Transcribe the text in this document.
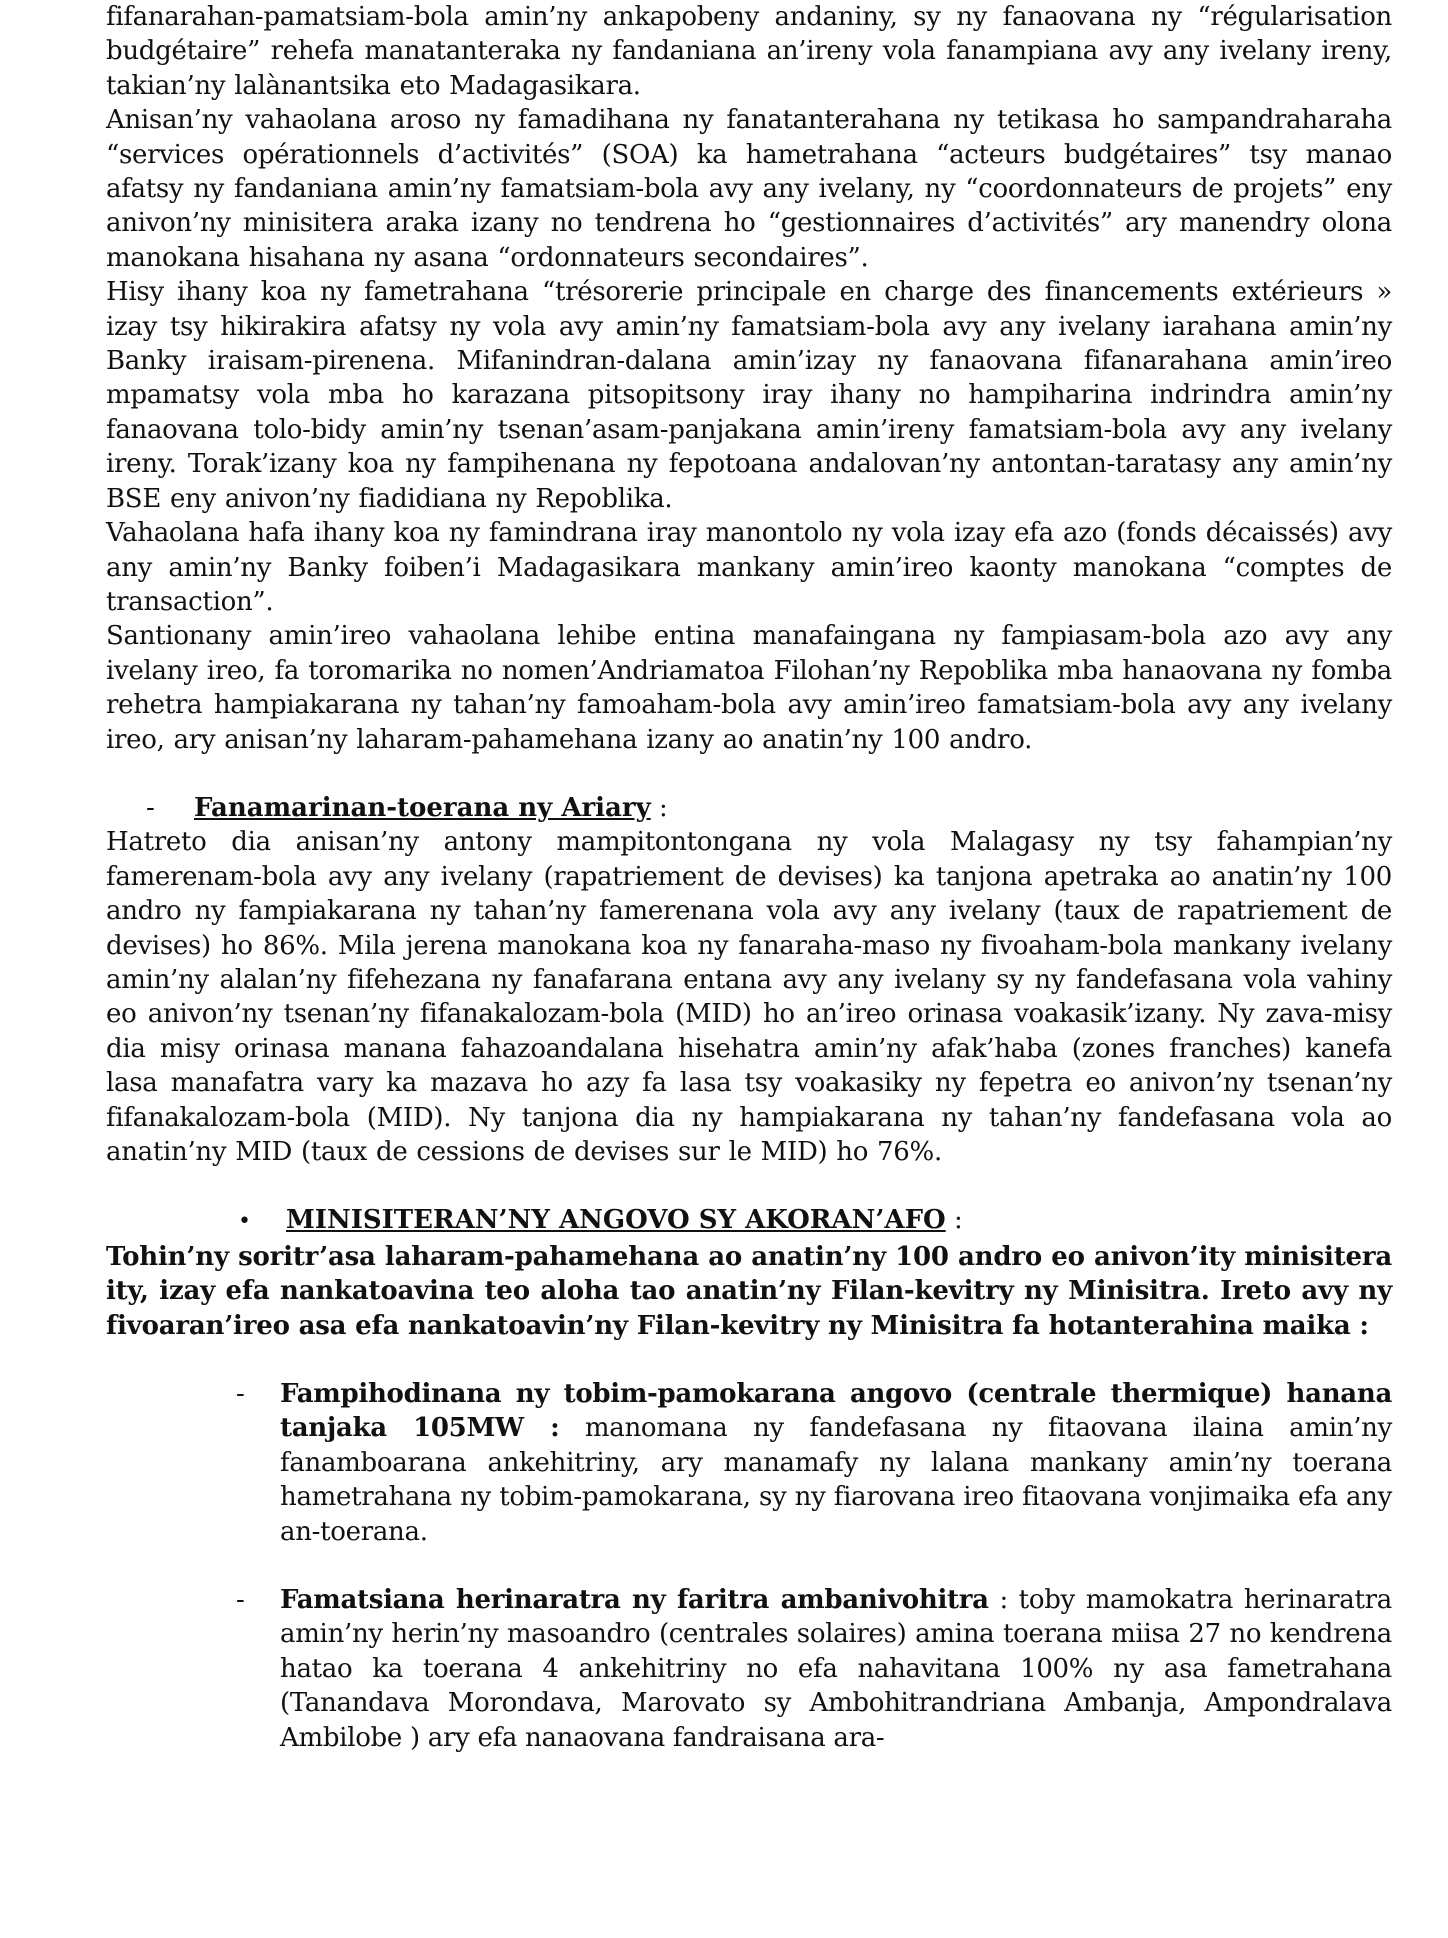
fifanarahan-pamatsiam-bola amin’ny ankapobeny andaniny, sy ny fanaovana ny “régularisation budgétaire” rehefa manatanteraka ny fandaniana an’ireny vola fanampiana avy any ivelany ireny, takian’ny lalànantsika eto Madagasikara.

Anisan’ny vahaolana aroso ny famadihana ny fanatanterahana ny tetikasa ho sampandraharaha “services opérationnels d’activités” (SOA) ka hametrahana “acteurs budgétaires” tsy manao afatsy ny fandaniana amin’ny famatsiam-bola avy any ivelany, ny “coordonnateurs de projets” eny anivon’ny minisitera araka izany no tendrena ho “gestionnaires d’activités” ary manendry olona manokana hisahana ny asana “ordonnateurs secondaires”.

Hisy ihany koa ny fametrahana “trésorerie principale en charge des financements extérieurs » izay tsy hikirakira afatsy ny vola avy amin’ny famatsiam-bola avy any ivelany iarahana amin’ny Banky iraisam-pirenena. Mifanindran-dalana amin’izay ny fanaovana fifanarahana amin’ireo mpamatsy vola mba ho karazana pitsopitsony iray ihany no hampiharina indrindra amin’ny fanaovana tolo-bidy amin’ny tsenan’asam-panjakana amin’ireny famatsiam-bola avy any ivelany ireny. Torak’izany koa ny fampihenana ny fepotoana andalovan’ny antontan-taratasy any amin’ny BSE eny anivon’ny fiadidiana ny Repoblika.

Vahaolana hafa ihany koa ny famindrana iray manontolo ny vola izay efa azo (fonds décaissés) avy any amin’ny Banky foiben’i Madagasikara mankany amin’ireo kaonty manokana “comptes de transaction”.

Santionany amin’ireo vahaolana lehibe entina manafaingana ny fampiasam-bola azo avy any ivelany ireo, fa toromarika no nomen’Andriamatoa Filohan’ny Repoblika mba hanaovana ny fomba rehetra hampiakarana ny tahan’ny famoaham-bola avy amin’ireo famatsiam-bola avy any ivelany ireo, ary anisan’ny laharam-pahamehana izany ao anatin’ny 100 andro.

- Fanamarinan-toerana ny Ariary :

Hatreto dia anisan’ny antony mampitontongana ny vola Malagasy ny tsy fahampian’ny famerenam-bola avy any ivelany (rapatriement de devises) ka tanjona apetraka ao anatin’ny 100 andro ny fampiakarana ny tahan’ny famerenana vola avy any ivelany (taux de rapatriement de devises) ho 86%. Mila jerena manokana koa ny fanaraha-maso ny fivoaham-bola mankany ivelany amin’ny alalan’ny fifehezana ny fanafarana entana avy any ivelany sy ny fandefasana vola vahiny eo anivon’ny tsenan’ny fifanakalozam-bola (MID) ho an’ireo orinasa voakasik’izany. Ny zava-misy dia misy orinasa manana fahazoandalana hisehatra amin’ny afak’haba (zones franches) kanefa lasa manafatra vary ka mazava ho azy fa lasa tsy voakasiky ny fepetra eo anivon’ny tsenan’ny fifanakalozam-bola (MID). Ny tanjona dia ny hampiakarana ny tahan’ny fandefasana vola ao anatin’ny MID (taux de cessions de devises sur le MID) ho 76%.

• MINISITERAN’NY ANGOVO SY AKORAN’AFO :

Tohin’ny soritr’asa laharam-pahamehana ao anatin’ny 100 andro eo anivon’ity minisitera ity, izay efa nankatoavina teo aloha tao anatin’ny Filan-kevitry ny Minisitra. Ireto avy ny fivoaran’ireo asa efa nankatoavin’ny Filan-kevitry ny Minisitra fa hotanterahina maika :

- Fampihodinana ny tobim-pamokarana angovo (centrale thermique) hanana tanjaka 105MW : manomana ny fandefasana ny fitaovana ilaina amin’ny fanamboarana ankehitriny, ary manamafy ny lalana mankany amin’ny toerana hametrahana ny tobim-pamokarana, sy ny fiarovana ireo fitaovana vonjimaika efa any an-toerana.
- Famatsiana herinaratra ny faritra ambanivohitra : toby mamokatra herinaratra amin’ny herin’ny masoandro (centrales solaires) amina toerana miisa 27 no kendrena hatao ka toerana 4 ankehitriny no efa nahavitana 100% ny asa fametrahana (Tanandava Morondava, Marovato sy Ambohitrandriana Ambanja, Ampondralava Ambilobe ) ary efa nanaovana fandraisana ara-
